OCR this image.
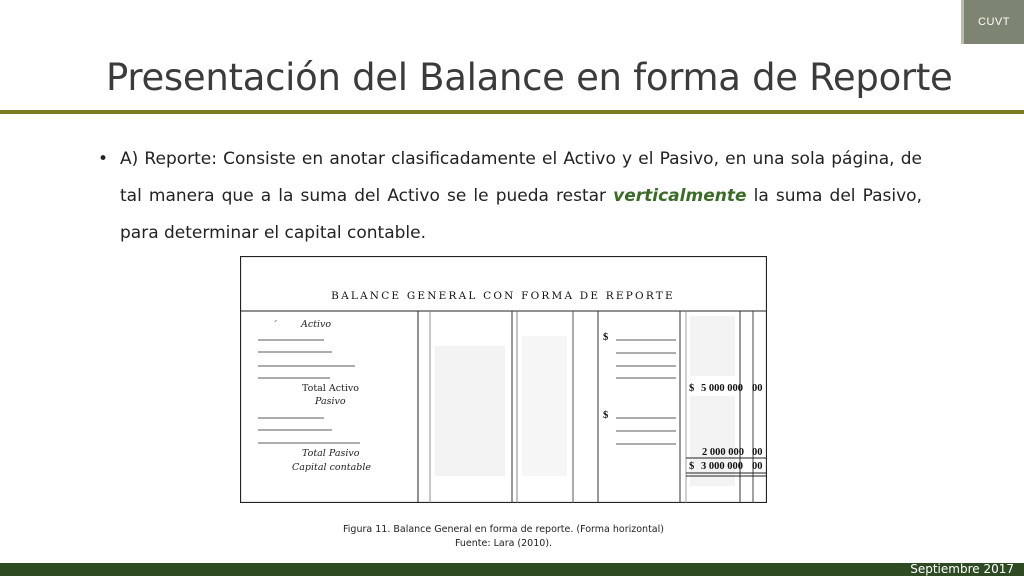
CUVT
Presentación del Balance en forma de Reporte
• A) Reporte: Consiste en anotar clasificadamente el Activo y el Pasivo, en una sola página, de tal manera que a la suma del Activo se le pueda restar verticalmente la suma del Pasivo, para determinar el capital contable.
BALANCE GENERAL CON FORMA DE REPORTE
ˊ	Activo
Total Activo
Pasivo
Total Pasivo
Capital contable
$
$ 5 000 000 00
$
2 000 000 00
$ 3 000 000 00
Figura 11. Balance General en forma de reporte. (Forma horizontal)
Fuente: Lara (2010).
Septiembre 2017
